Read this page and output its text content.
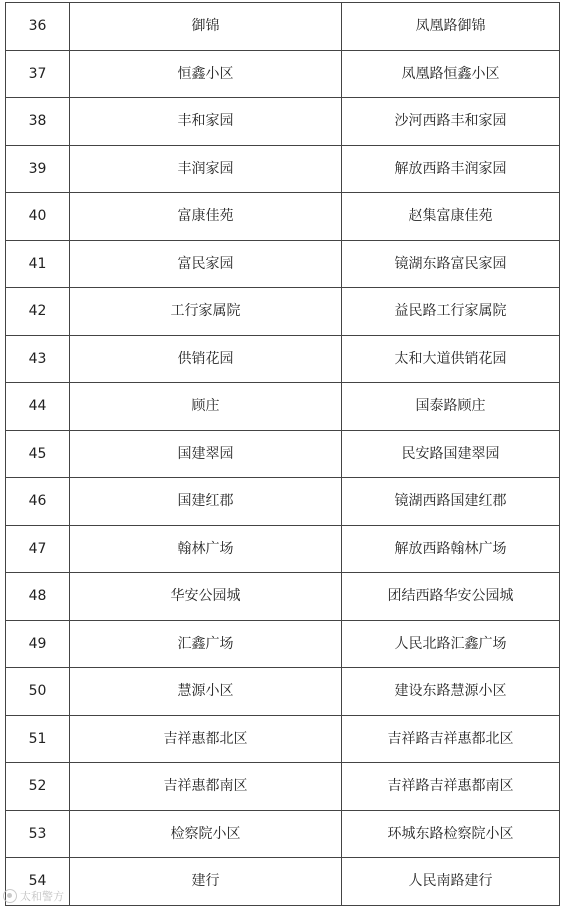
36	御锦	凤凰路御锦
37	恒鑫小区	凤凰路恒鑫小区
38	丰和家园	沙河西路丰和家园
39	丰润家园	解放西路丰润家园
40	富康佳苑	赵集富康佳苑
41	富民家园	镜湖东路富民家园
42	工行家属院	益民路工行家属院
43	供销花园	太和大道供销花园
44	顾庄	国泰路顾庄
45	国建翠园	民安路国建翠园
46	国建红郡	镜湖西路国建红郡
47	翰林广场	解放西路翰林广场
48	华安公园城	团结西路华安公园城
49	汇鑫广场	人民北路汇鑫广场
50	慧源小区	建设东路慧源小区
51	吉祥惠都北区	吉祥路吉祥惠都北区
52	吉祥惠都南区	吉祥路吉祥惠都南区
53	检察院小区	环城东路检察院小区
54	建行	人民南路建行
太和警方
